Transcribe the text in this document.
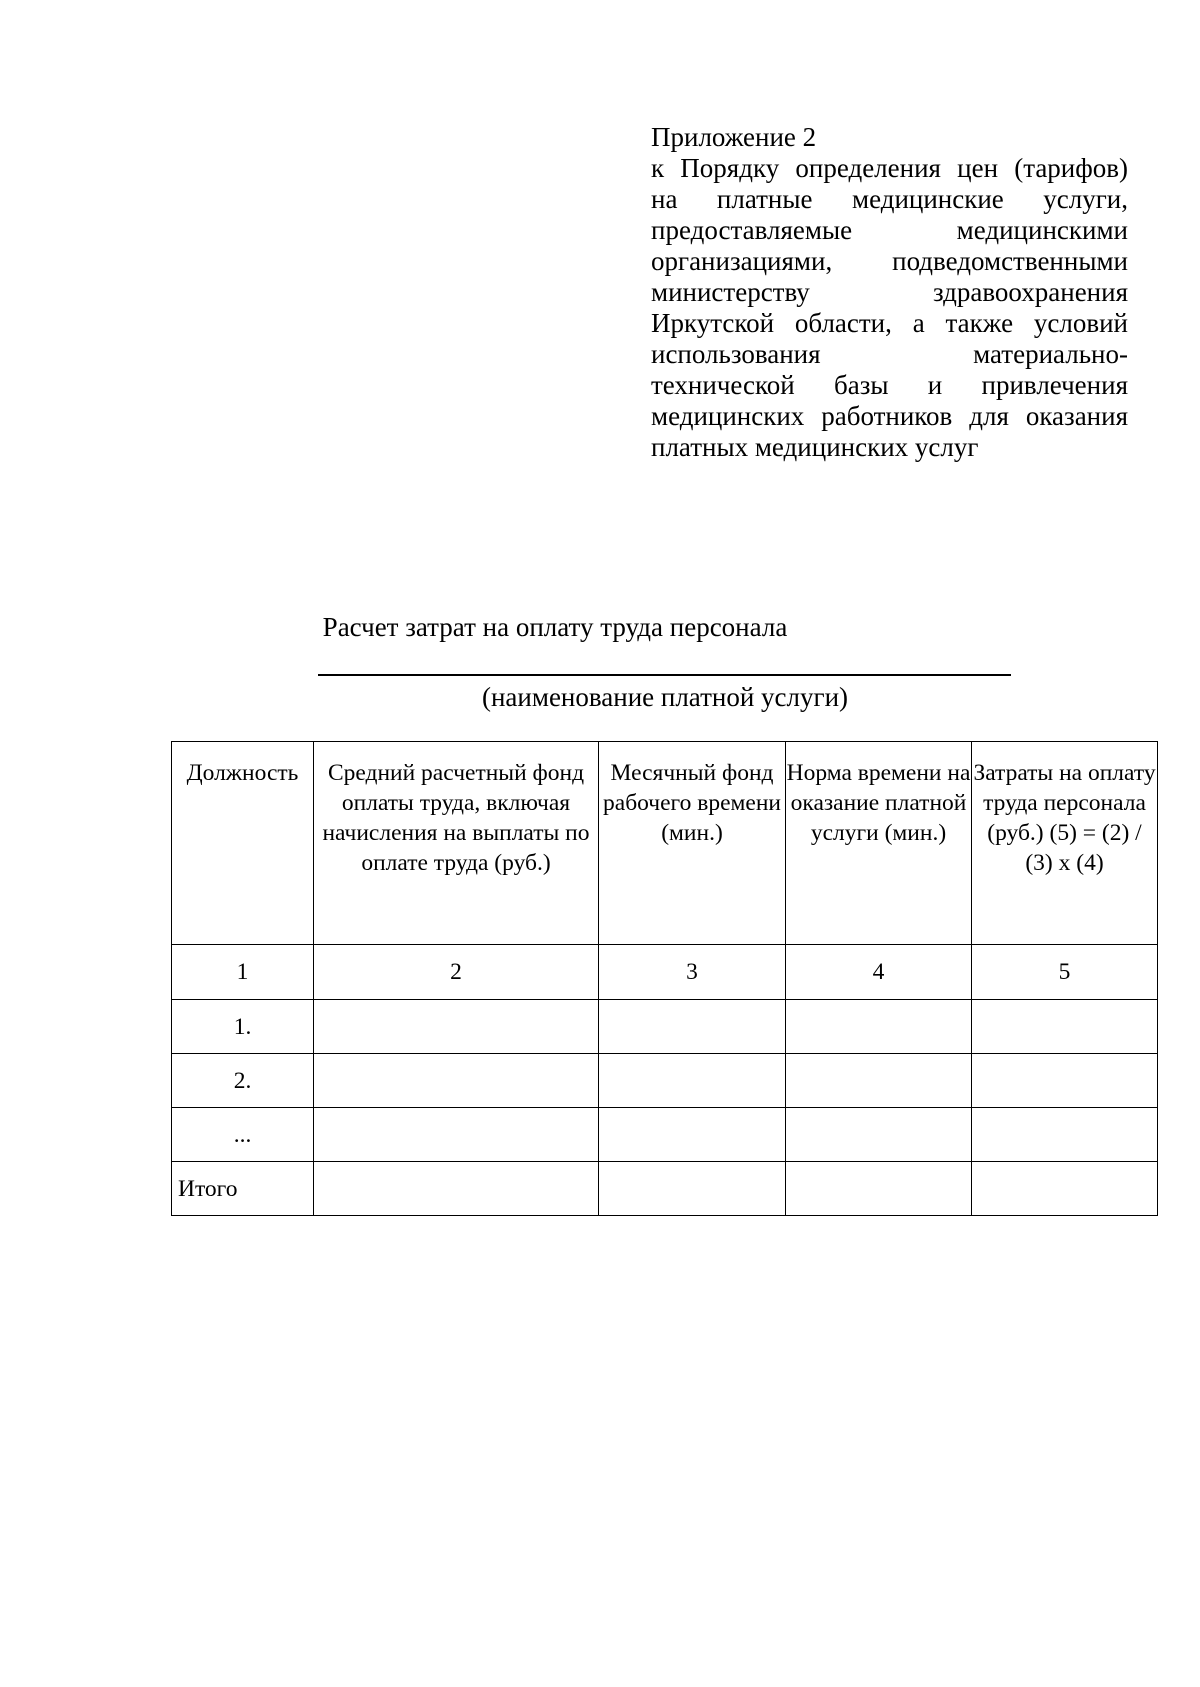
Приложение 2
к Порядку определения цен (тарифов)
на платные медицинские услуги,
предоставляемые медицинскими
организациями, подведомственными
министерству здравоохранения
Иркутской области, а также условий
использования материально-
технической базы и привлечения
медицинских работников для оказания
платных медицинских услуг
Расчет затрат на оплату труда персонала
(наименование платной услуги)
Должность	Средний расчетный фонд оплаты труда, включая начисления на выплаты по оплате труда (руб.)	Месячный фонд рабочего времени (мин.)	Норма времени на оказание платной услуги (мин.)	Затраты на оплату труда персонала (руб.) (5) = (2) / (3) x (4)
1	2	3	4	5
1.				
2.				
...				
Итого				
